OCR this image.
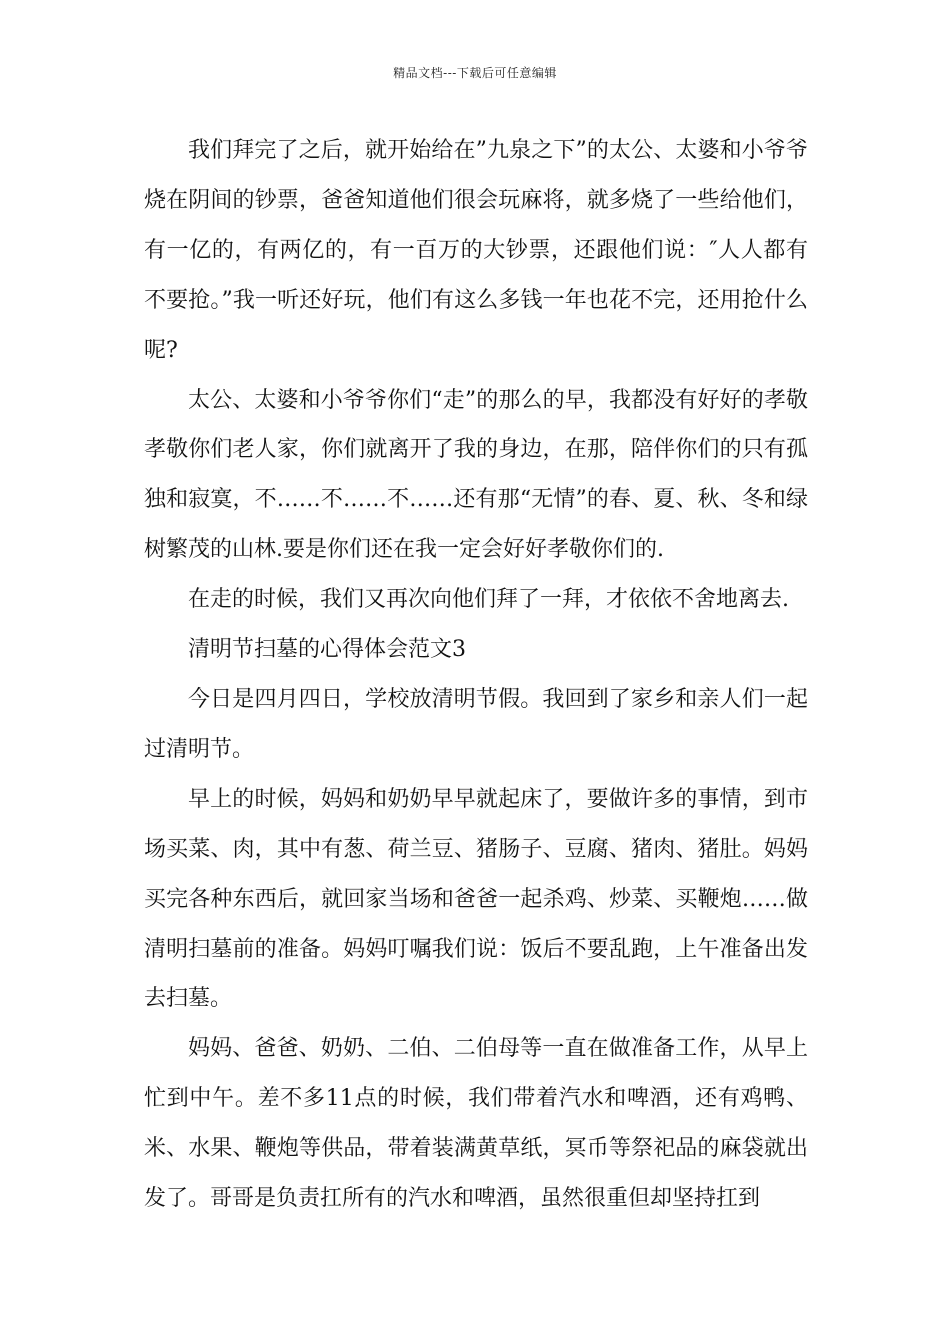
精品文档---下载后可任意编辑

我们拜完了之后，就开始给在”九泉之下”的太公、太婆和小爷爷烧在阴间的钞票，爸爸知道他们很会玩麻将，就多烧了一些给他们，有一亿的，有两亿的，有一百万的大钞票，还跟他们说：″人人都有不要抢。”我一听还好玩，他们有这么多钱一年也花不完，还用抢什么呢?

太公、太婆和小爷爷你们“走”的那么的早，我都没有好好的孝敬孝敬你们老人家，你们就离开了我的身边，在那，陪伴你们的只有孤独和寂寞，不……不……不……还有那“无情”的春、夏、秋、冬和绿树繁茂的山林.要是你们还在我一定会好好孝敬你们的.

在走的时候，我们又再次向他们拜了一拜，才依依不舍地离去.

清明节扫墓的心得体会范文3

今日是四月四日，学校放清明节假。我回到了家乡和亲人们一起过清明节。

早上的时候，妈妈和奶奶早早就起床了，要做许多的事情，到市场买菜、肉，其中有葱、荷兰豆、猪肠子、豆腐、猪肉、猪肚。妈妈买完各种东西后，就回家当场和爸爸一起杀鸡、炒菜、买鞭炮……做清明扫墓前的准备。妈妈叮嘱我们说：饭后不要乱跑，上午准备出发去扫墓。

妈妈、爸爸、奶奶、二伯、二伯母等一直在做准备工作，从早上忙到中午。差不多11点的时候，我们带着汽水和啤酒，还有鸡鸭、米、水果、鞭炮等供品，带着装满黄草纸，冥币等祭祀品的麻袋就出发了。哥哥是负责扛所有的汽水和啤酒，虽然很重但却坚持扛到
